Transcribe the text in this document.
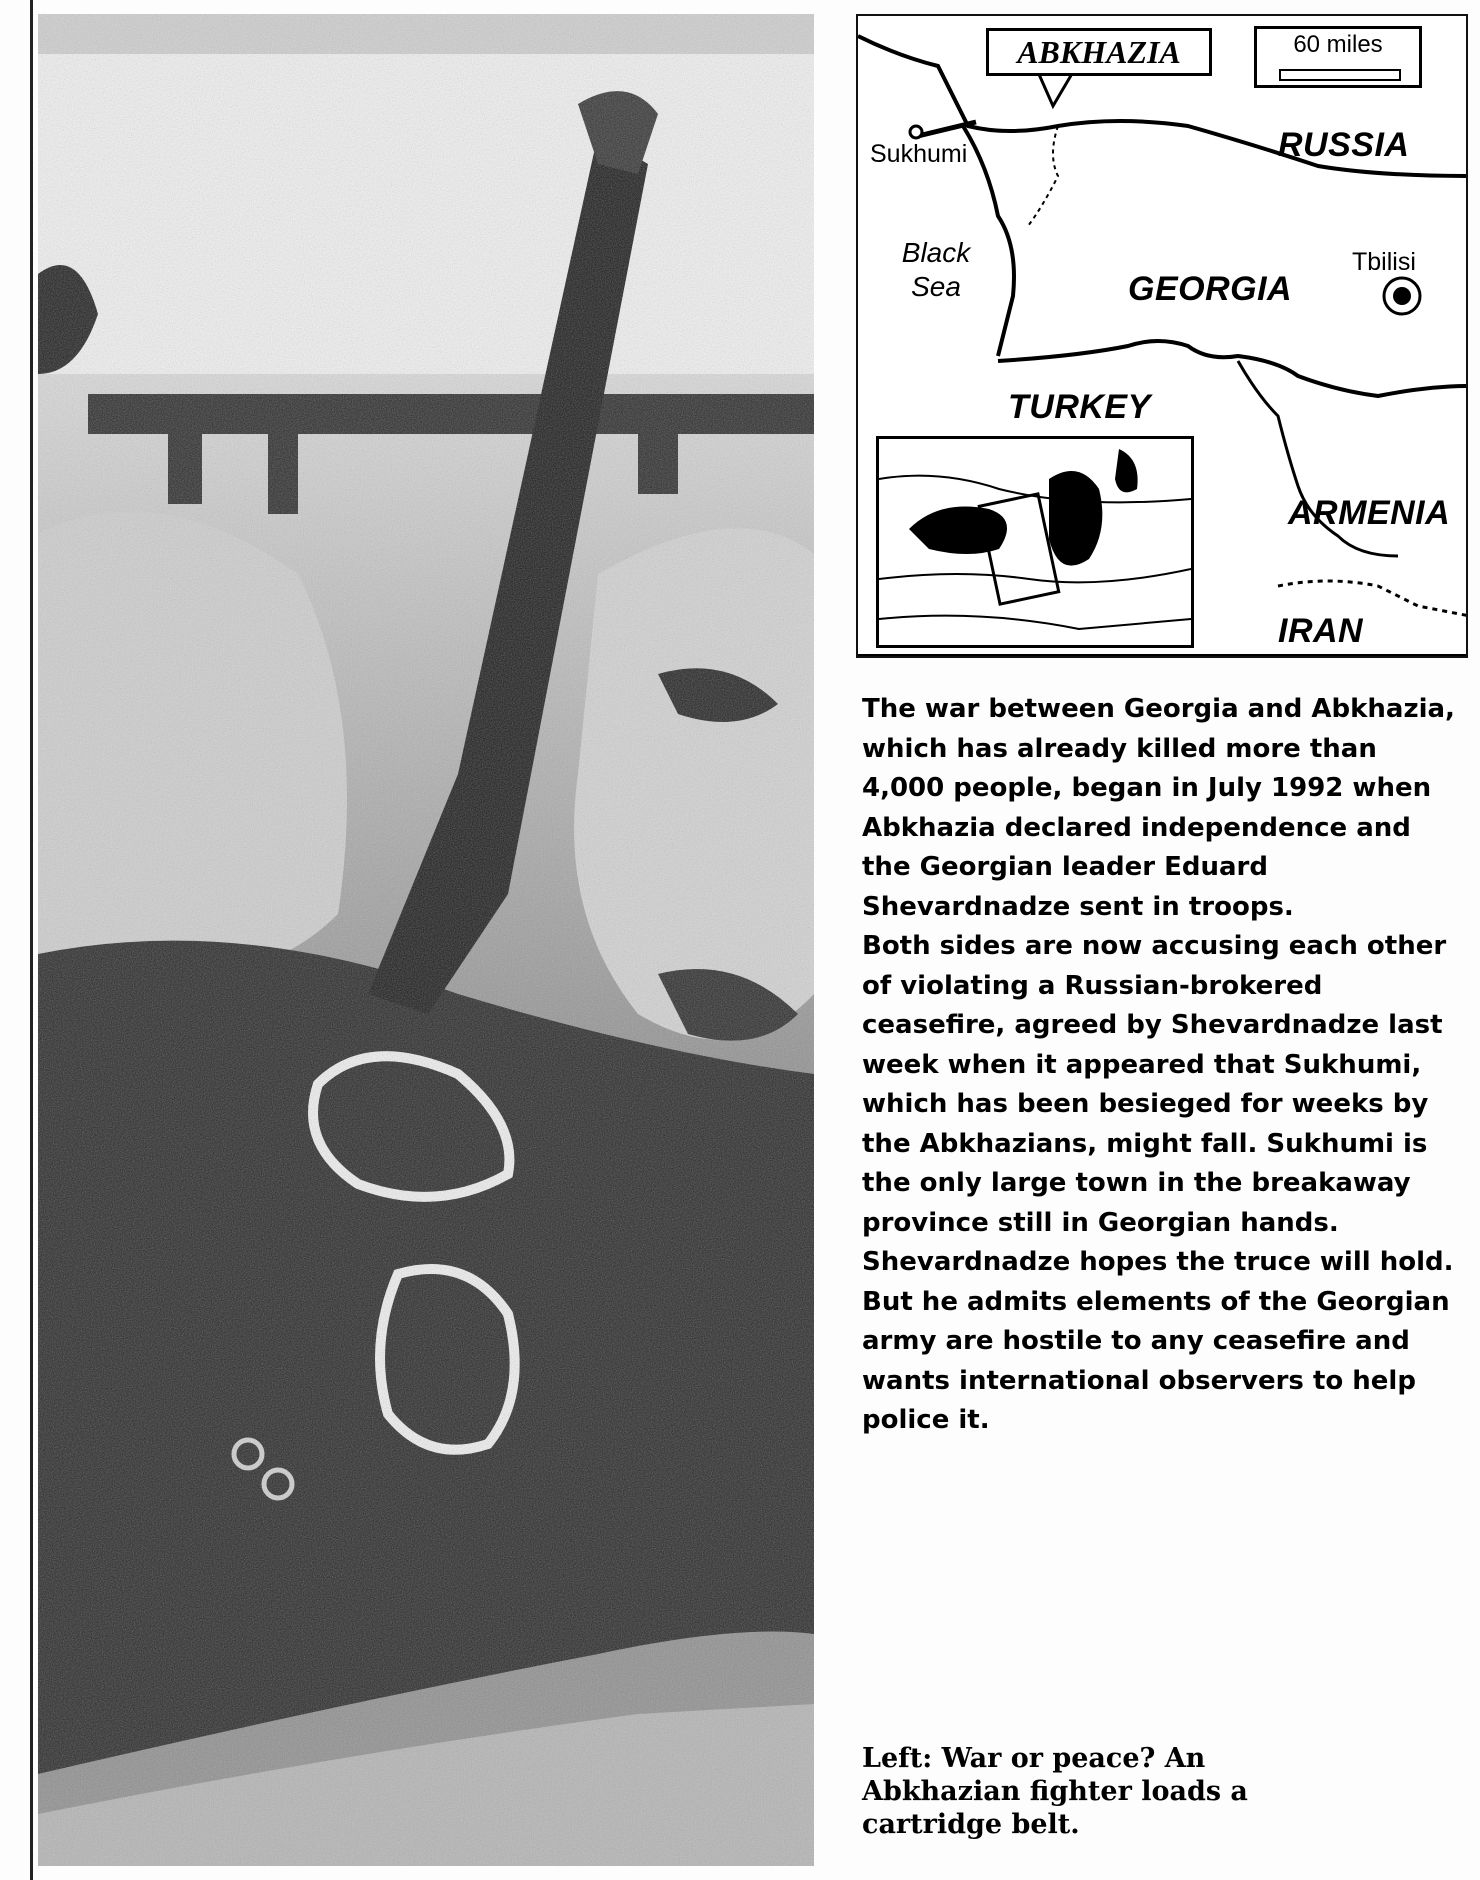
ABKHAZIA	60 miles
Sukhumi	RUSSIA
Black
Sea	GEORGIA
Tbilisi
TURKEY
ARMENIA
IRAN

The war between Georgia and Abkhazia, which has already killed more than 4,000 people, began in July 1992 when Abkhazia declared independence and the Georgian leader Eduard Shevardnadze sent in troops.

Both sides are now accusing each other of violating a Russian-brokered ceasefire, agreed by Shevardnadze last week when it appeared that Sukhumi, which has been besieged for weeks by the Abkhazians, might fall. Sukhumi is the only large town in the breakaway province still in Georgian hands.

Shevardnadze hopes the truce will hold. But he admits elements of the Georgian army are hostile to any ceasefire and wants international observers to help police it.

Left: War or peace? An Abkhazian fighter loads a cartridge belt.
